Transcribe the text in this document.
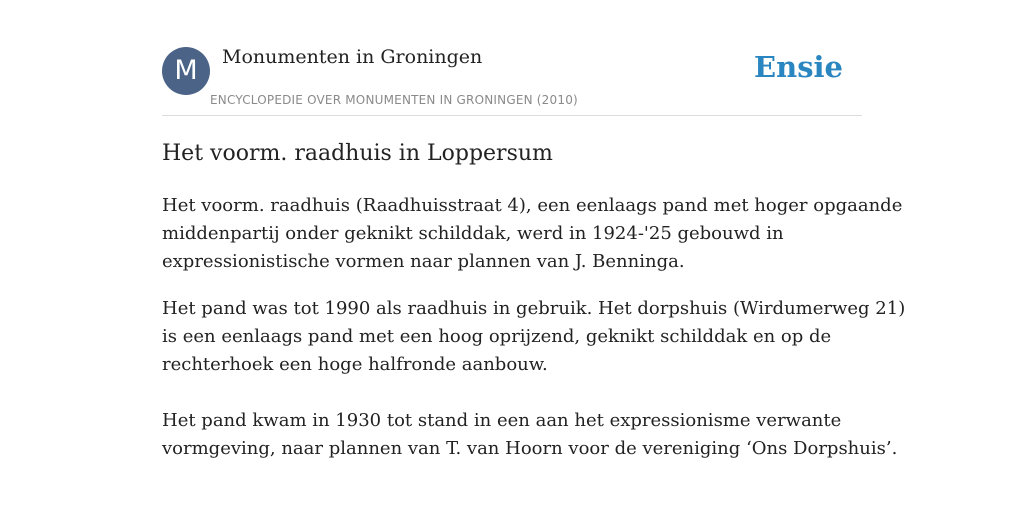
M	Monumenten in Groningen
ENCYCLOPEDIE OVER MONUMENTEN IN GRONINGEN (2010)
Ensie
Het voorm. raadhuis in Loppersum

Het voorm. raadhuis (Raadhuisstraat 4), een eenlaags pand met hoger opgaande
middenpartij onder geknikt schilddak, werd in 1924-'25 gebouwd in
expressionistische vormen naar plannen van J. Benninga.

Het pand was tot 1990 als raadhuis in gebruik. Het dorpshuis (Wirdumerweg 21)
is een eenlaags pand met een hoog oprijzend, geknikt schilddak en op de
rechterhoek een hoge halfronde aanbouw.

Het pand kwam in 1930 tot stand in een aan het expressionisme verwante
vormgeving, naar plannen van T. van Hoorn voor de vereniging ‘Ons Dorpshuis’.
